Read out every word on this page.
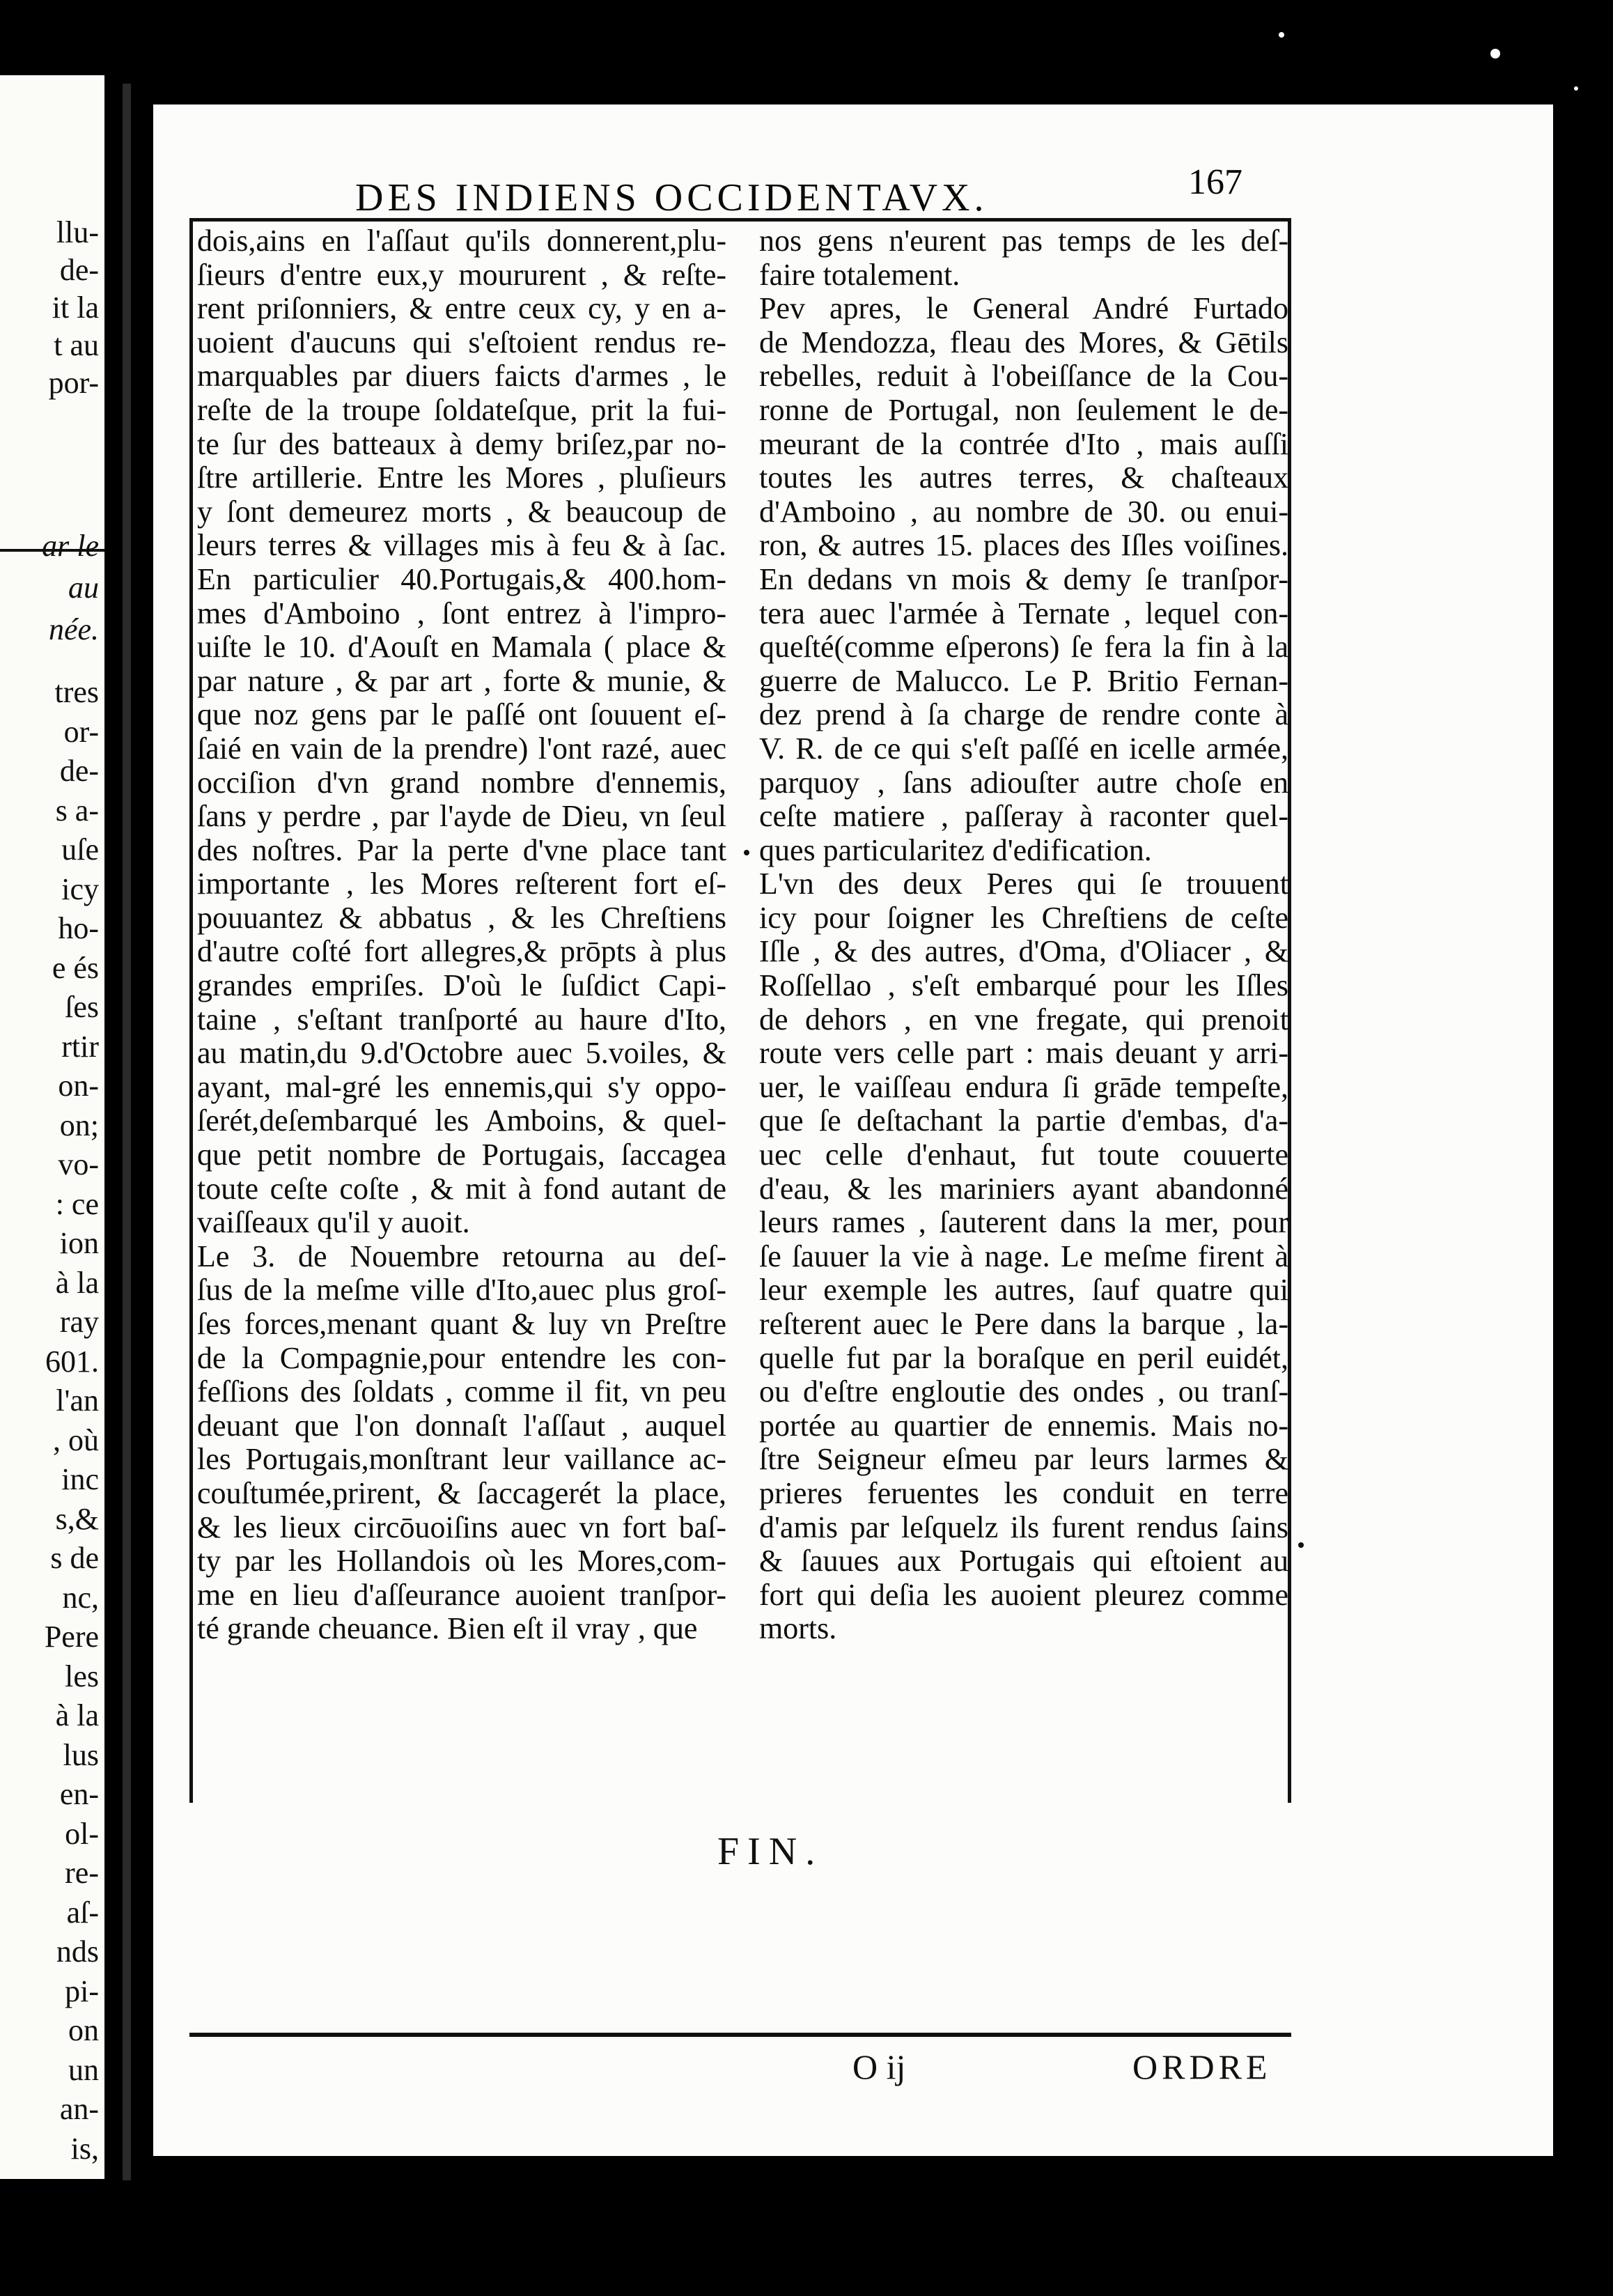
llu-
de-
it la
t au
por-
ar le
au
née.
tres
or-
de-
s a-
uſe
icy
ho-
e és
ſes
rtir
on-
on;
vo-
: ce
ion
à la
ray
601.
l'an
, où
inc
s,&
s de
nc,
Pere
les
à la
lus
en-
ol-
re-
aſ-
nds
pi-
on
un
an-
is,
DES INDIENS OCCIDENTAVX.	167
dois,ains en l'aſſaut qu'ils donnerent,plu-
ſieurs d'entre eux,y moururent , & reſte-
rent priſonniers, & entre ceux cy, y en a-
uoient d'aucuns qui s'eſtoient rendus re-
marquables par diuers faicts d'armes , le
reſte de la troupe ſoldateſque, prit la fui-
te ſur des batteaux à demy briſez,par no-
ſtre artillerie. Entre les Mores , pluſieurs
y ſont demeurez morts , & beaucoup de
leurs terres & villages mis à feu & à ſac.
En particulier 40.Portugais,& 400.hom-
mes d'Amboino , ſont entrez à l'impro-
uiſte le 10. d'Aouſt en Mamala ( place &
par nature , & par art , forte & munie, &
que noz gens par le paſſé ont ſouuent eſ-
ſaié en vain de la prendre) l'ont razé, auec
occiſion d'vn grand nombre d'ennemis,
ſans y perdre , par l'ayde de Dieu, vn ſeul
des noſtres. Par la perte d'vne place tant
importante , les Mores reſterent fort eſ-
pouuantez & abbatus , & les Chreſtiens
d'autre coſté fort allegres,& prōpts à plus
grandes empriſes. D'où le ſuſdict Capi-
taine , s'eſtant tranſporté au haure d'Ito,
au matin,du 9.d'Octobre auec 5.voiles, &
ayant, mal-gré les ennemis,qui s'y oppo-
ſerét,deſembarqué les Amboins, & quel-
que petit nombre de Portugais, ſaccagea
toute ceſte coſte , & mit à fond autant de
vaiſſeaux qu'il y auoit.
Le 3. de Nouembre retourna au deſ-
ſus de la meſme ville d'Ito,auec plus groſ-
ſes forces,menant quant & luy vn Preſtre
de la Compagnie,pour entendre les con-
feſſions des ſoldats , comme il fit, vn peu
deuant que l'on donnaſt l'aſſaut , auquel
les Portugais,monſtrant leur vaillance ac-
couſtumée,prirent, & ſaccagerét la place,
& les lieux circōuoiſins auec vn fort baſ-
ty par les Hollandois où les Mores,com-
me en lieu d'aſſeurance auoient tranſpor-
té grande cheuance. Bien eſt il vray , que
nos gens n'eurent pas temps de les deſ-
faire totalement.
Pev apres, le General André Furtado
de Mendozza, fleau des Mores, & Gētils
rebelles, reduit à l'obeiſſance de la Cou-
ronne de Portugal, non ſeulement le de-
meurant de la contrée d'Ito , mais auſſi
toutes les autres terres, & chaſteaux
d'Amboino , au nombre de 30. ou enui-
ron, & autres 15. places des Iſles voiſines.
En dedans vn mois & demy ſe tranſpor-
tera auec l'armée à Ternate , lequel con-
queſté(comme eſperons) ſe fera la fin à la
guerre de Malucco. Le P. Britio Fernan-
dez prend à ſa charge de rendre conte à
V. R. de ce qui s'eſt paſſé en icelle armée,
parquoy , ſans adiouſter autre choſe en
ceſte matiere , paſſeray à raconter quel-
ques particularitez d'edification.
L'vn des deux Peres qui ſe trouuent
icy pour ſoigner les Chreſtiens de ceſte
Iſle , & des autres, d'Oma, d'Oliacer , &
Roſſellao , s'eſt embarqué pour les Iſles
de dehors , en vne fregate, qui prenoit
route vers celle part : mais deuant y arri-
uer, le vaiſſeau endura ſi grāde tempeſte,
que ſe deſtachant la partie d'embas, d'a-
uec celle d'enhaut, fut toute couuerte
d'eau, & les mariniers ayant abandonné
leurs rames , ſauterent dans la mer, pour
ſe ſauuer la vie à nage. Le meſme firent à
leur exemple les autres, ſauf quatre qui
reſterent auec le Pere dans la barque , la-
quelle fut par la boraſque en peril euidét,
ou d'eſtre engloutie des ondes , ou tranſ-
portée au quartier de ennemis. Mais no-
ſtre Seigneur eſmeu par leurs larmes &
prieres feruentes les conduit en terre
d'amis par leſquelz ils furent rendus ſains
& ſauues aux Portugais qui eſtoient au
fort qui deſia les auoient pleurez comme
morts.
FIN.
O ij	ORDRE
